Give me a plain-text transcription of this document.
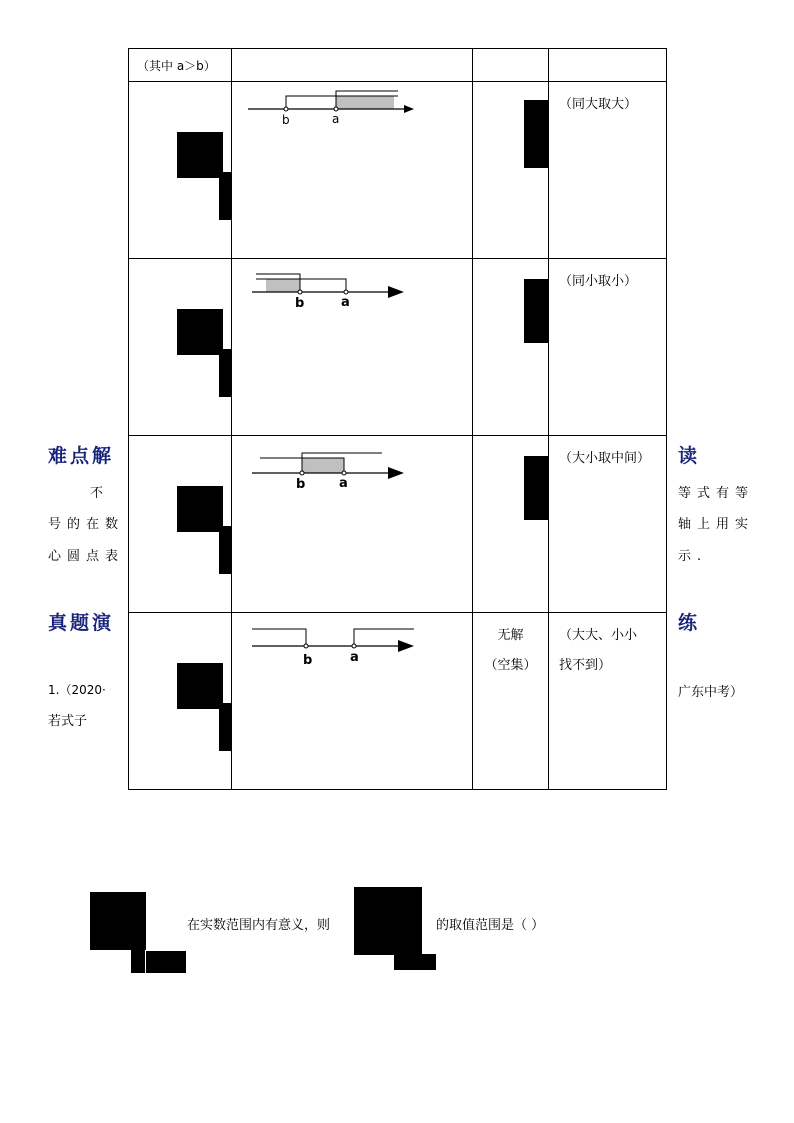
（其中 a＞b）			

b a		（同大取大）

b a		（同小取小）

b a		（大小取中间）

b a	无解
（空集）	（大大、小小
找不到）
难点解
不
号的在数
心圆点表
真题演
1.（2020·
若式子
读
等式有等
轴上用实
示.
练
广东中考）
在实数范围内有意义，则	的取值范围是（ ）
